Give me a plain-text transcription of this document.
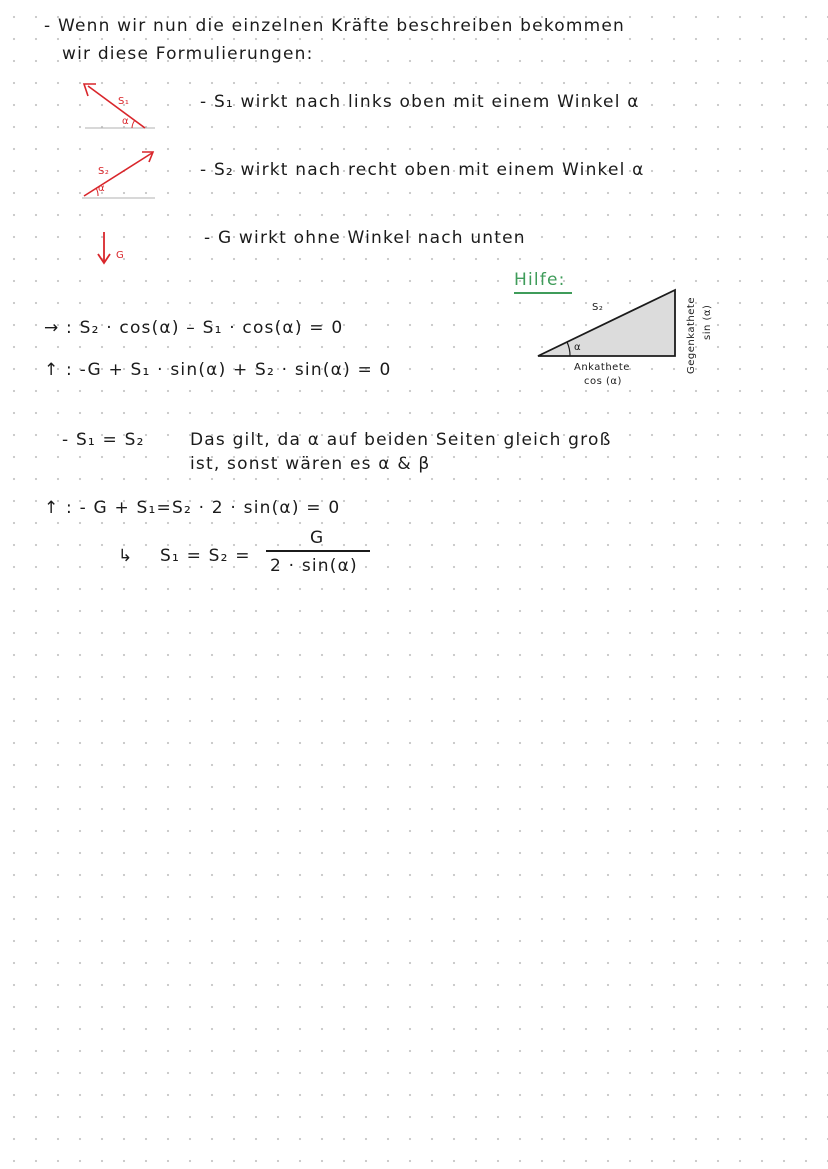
- Wenn wir nun die einzelnen Kräfte beschreiben bekommen
wir diese Formulierungen:
S₁
α
- S₁ wirkt nach links oben mit einem Winkel α
S₂
α
- S₂ wirkt nach recht oben mit einem Winkel α
G
- G wirkt ohne Winkel nach unten
Hilfe:
S₂
α
Ankathete
cos (α)
Gegenkathete sin (α)
→ : S₂ · cos(α) – S₁ · cos(α) = 0
↑ : -G + S₁ · sin(α) + S₂ · sin(α) = 0
- S₁ = S₂	Das gilt, da α auf beiden Seiten gleich groß
ist, sonst wären es α & β
↑ : - G + S₁=S₂ · 2 · sin(α) = 0
↳ S₁ = S₂ =
G
2 · sin(α)
